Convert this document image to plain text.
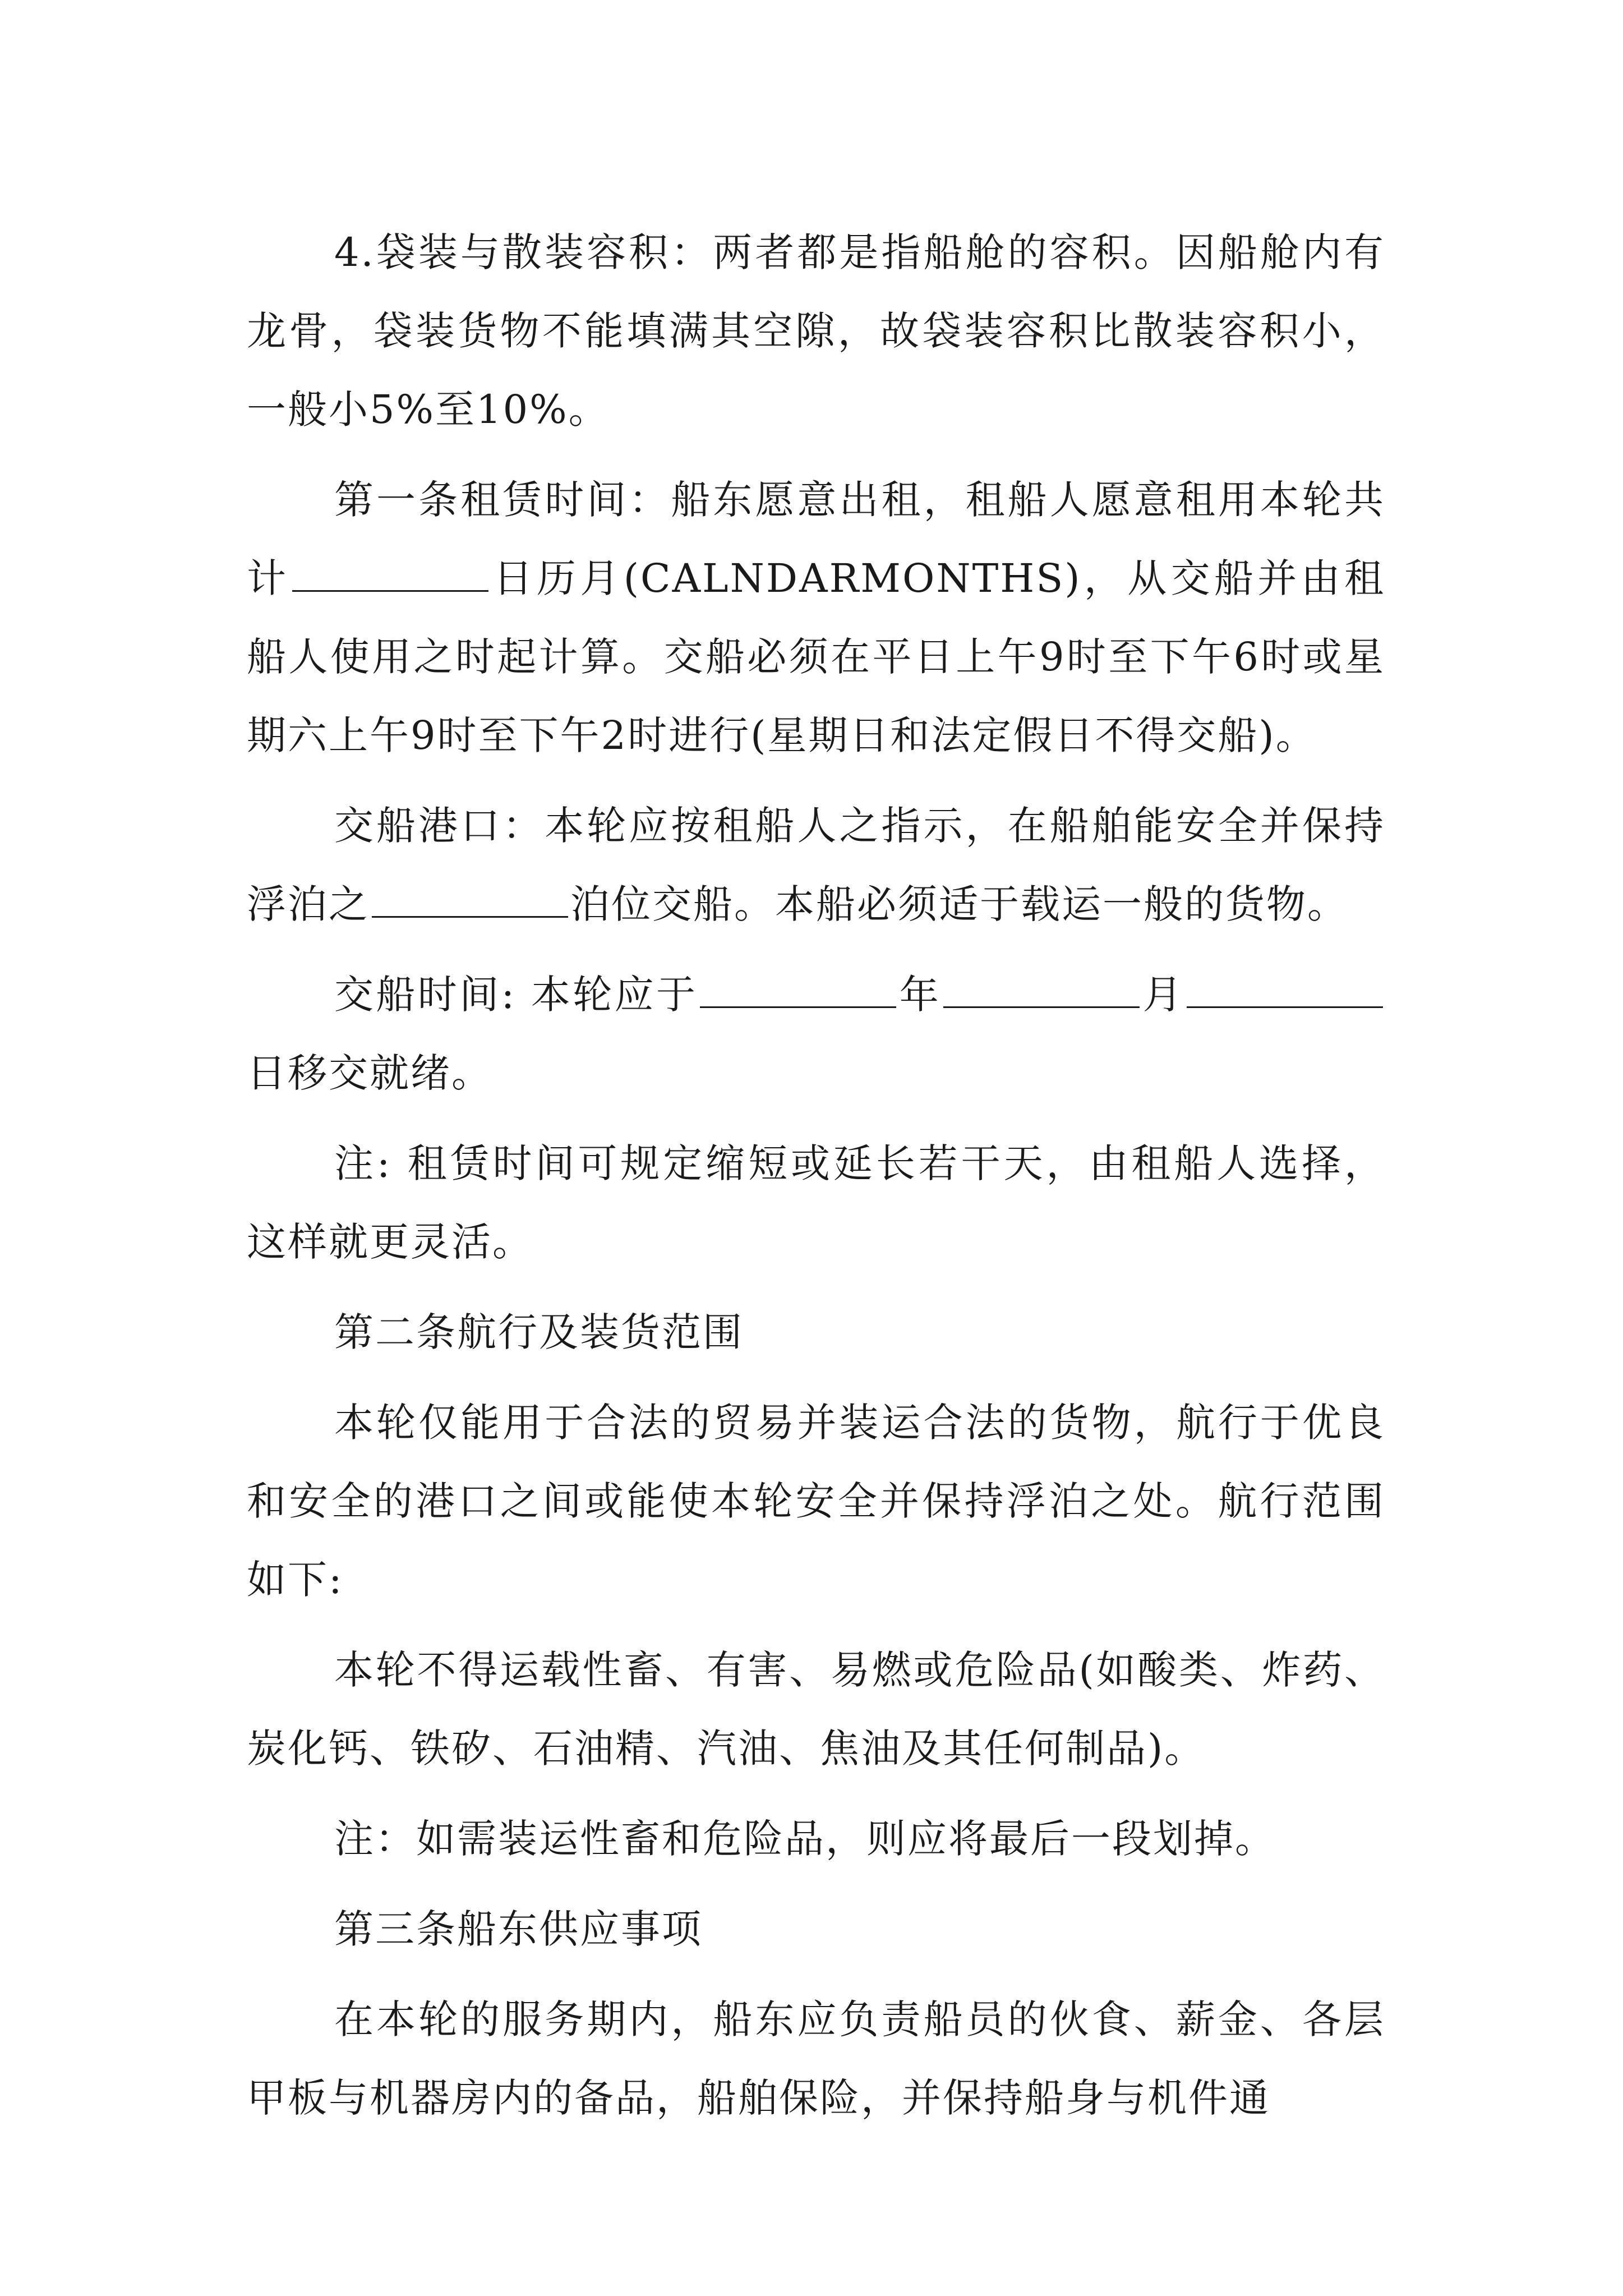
4.袋装与散装容积：两者都是指船舱的容积。因船舱内有龙骨，袋装货物不能填满其空隙，故袋装容积比散装容积小，一般小5%至10%。

第一条租赁时间：船东愿意出租，租船人愿意租用本轮共计	日历月(CALNDARMONTHS)，从交船并由租船人使用之时起计算。交船必须在平日上午9时至下午6时或星期六上午9时至下午2时进行(星期日和法定假日不得交船)。

交船港口：本轮应按租船人之指示，在船舶能安全并保持浮泊之	泊位交船。本船必须适于载运一般的货物。

交船时间: 本轮应于	年	月日移交就绪。

注: 租赁时间可规定缩短或延长若干天，由租船人选择，这样就更灵活。

第二条航行及装货范围

本轮仅能用于合法的贸易并装运合法的货物，航行于优良和安全的港口之间或能使本轮安全并保持浮泊之处。航行范围如下:

本轮不得运载性畜、有害、易燃或危险品(如酸类、炸药、炭化钙、铁矽、石油精、汽油、焦油及其任何制品)。

注：如需装运性畜和危险品，则应将最后一段划掉。

第三条船东供应事项

在本轮的服务期内，船东应负责船员的伙食、薪金、各层甲板与机器房内的备品，船舶保险，并保持船身与机件通
